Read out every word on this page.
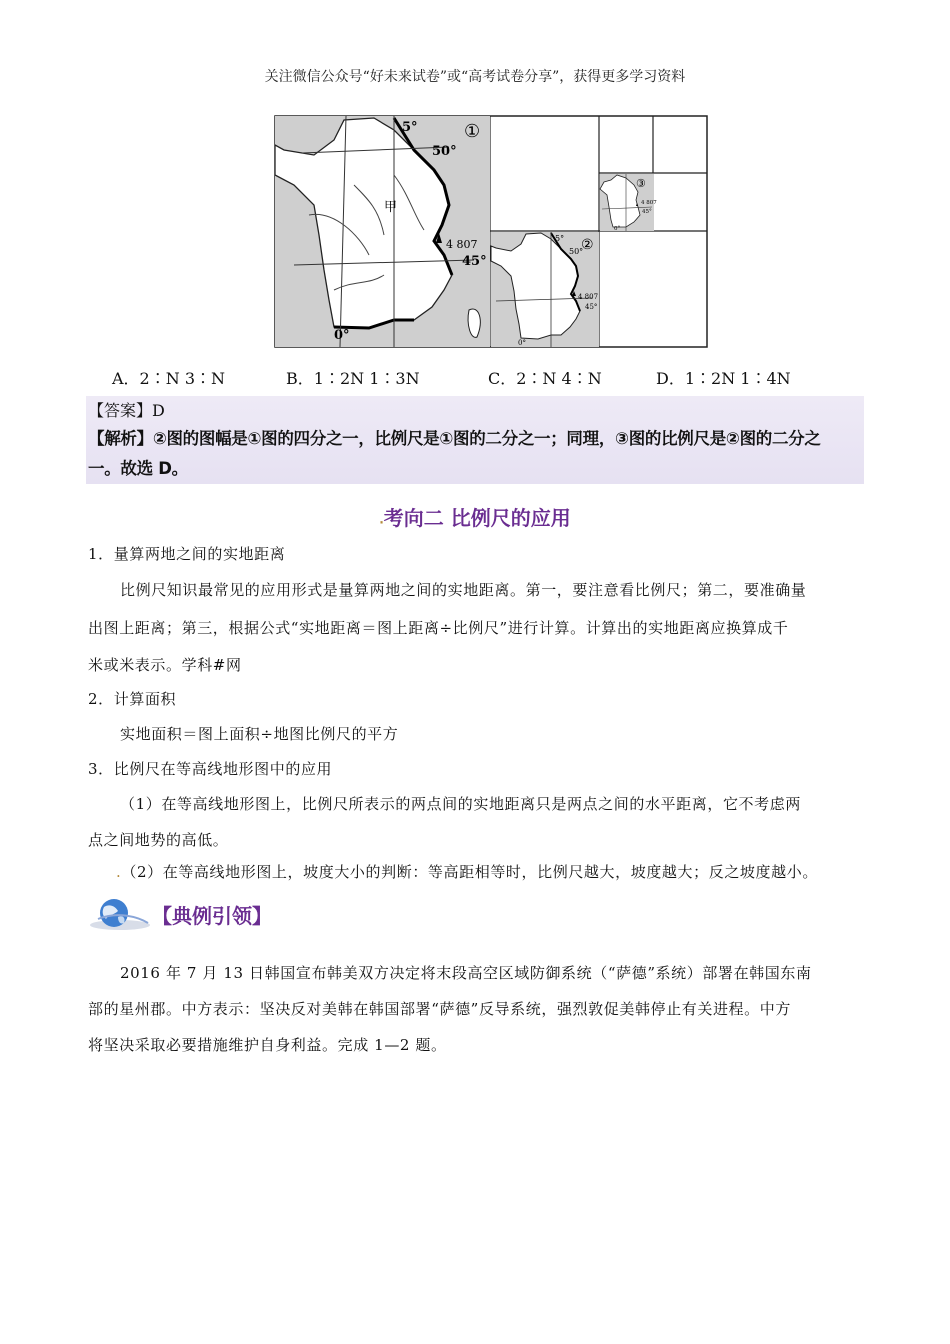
关注微信公众号“好未来试卷”或“高考试卷分享”，获得更多学习资料
5°
50°
①
甲
4 807
45°
0°
5°
50°
②
4 807
45°
0°
③
4 807
45°
0°
A．2∶N 3∶N	B．1∶2N 1∶3N	C．2∶N 4∶N	D．1∶2N 1∶4N
【答案】D
【解析】②图的图幅是①图的四分之一，比例尺是①图的二分之一；同理，③图的比例尺是②图的二分之
一。故选 D。
.考向二 比例尺的应用
1．量算两地之间的实地距离
比例尺知识最常见的应用形式是量算两地之间的实地距离。第一，要注意看比例尺；第二，要准确量
出图上距离；第三，根据公式“实地距离＝图上距离÷比例尺”进行计算。计算出的实地距离应换算成千
米或米表示。学科#网
2．计算面积
实地面积＝图上面积÷地图比例尺的平方
3．比例尺在等高线地形图中的应用
（1）在等高线地形图上，比例尺所表示的两点间的实地距离只是两点之间的水平距离，它不考虑两
点之间地势的高低。
.（2）在等高线地形图上，坡度大小的判断：等高距相等时，比例尺越大，坡度越大；反之坡度越小。
【典例引领】
2016 年 7 月 13 日韩国宣布韩美双方决定将末段高空区域防御系统（“萨德”系统）部署在韩国东南
部的星州郡。中方表示：坚决反对美韩在韩国部署“萨德”反导系统，强烈敦促美韩停止有关进程。中方
将坚决采取必要措施维护自身利益。完成 1—2 题。
